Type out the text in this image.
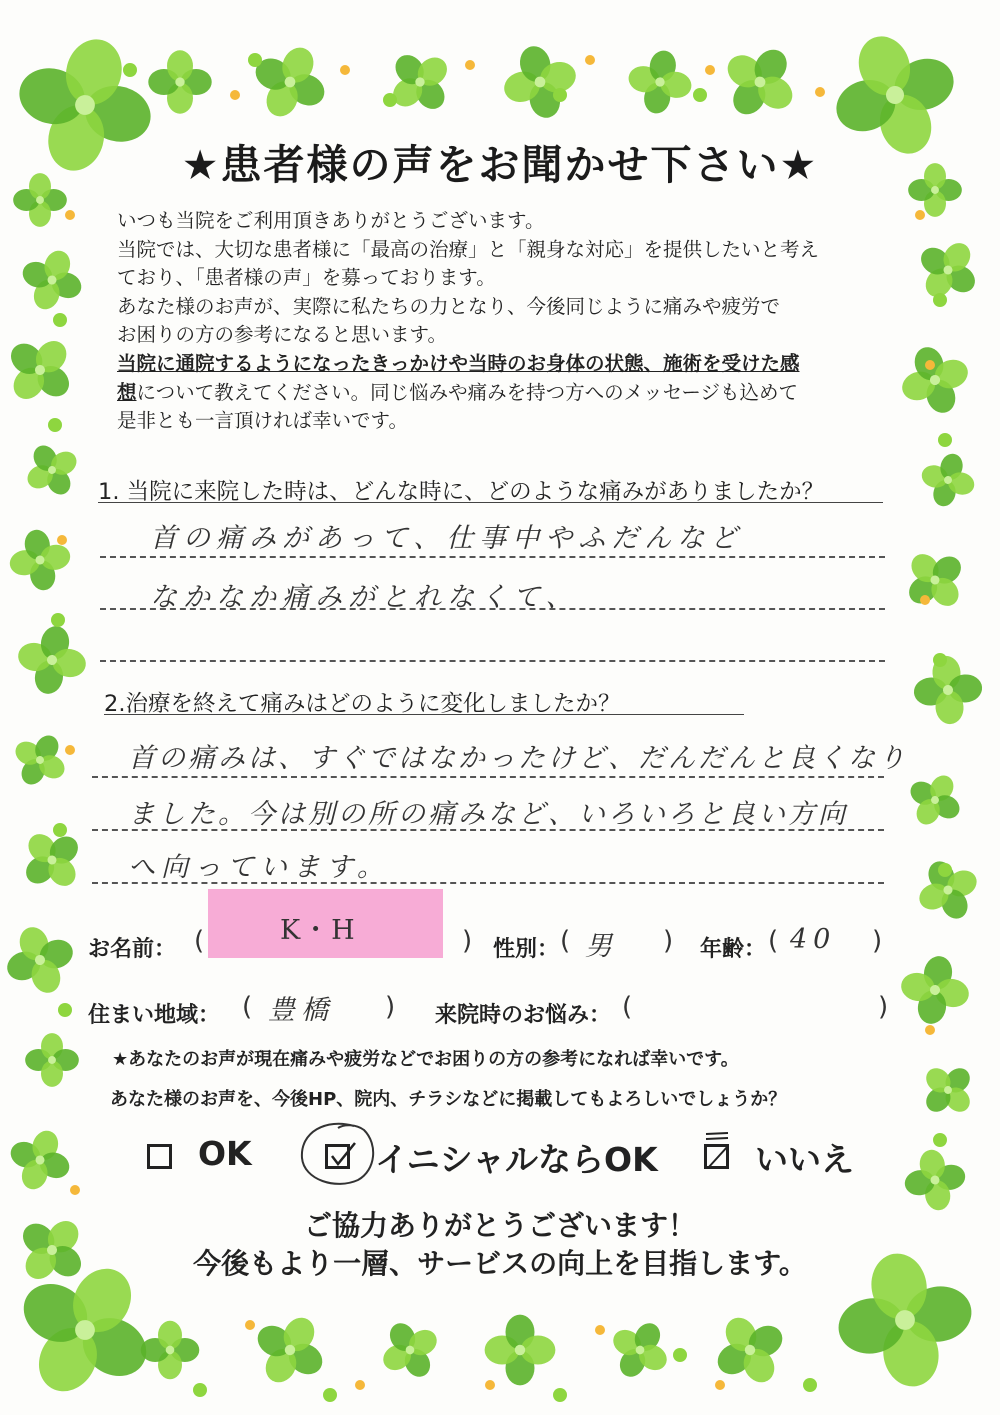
★患者様の声をお聞かせ下さい★
いつも当院をご利用頂きありがとうございます。
当院では、大切な患者様に「最高の治療」と「親身な対応」を提供したいと考え
ており、「患者様の声」を募っております。
あなた様のお声が、実際に私たちの力となり、今後同じように痛みや疲労で
お困りの方の参考になると思います。
当院に通院するようになったきっかけや当時のお身体の状態、施術を受けた感
想について教えてください。同じ悩みや痛みを持つ方へのメッセージも込めて
是非とも一言頂ければ幸いです。
1. 当院に来院した時は、どんな時に、どのような痛みがありましたか？
首の痛みがあって、仕事中やふだんなど
なかなか痛みがとれなくて、
2.治療を終えて痛みはどのように変化しましたか？
首の痛みは、すぐではなかったけど、だんだんと良くなり
ました。今は別の所の痛みなど、いろいろと良い方向
へ向っています。
お名前： (	K・H	) 性別： ( 男 ) 年齢： ( 40 )
住まい地域： ( 豊橋 ) 来院時のお悩み： (	)
★あなたのお声が現在痛みや疲労などでお困りの方の参考になれば幸いです。
あなた様のお声を、今後HP、院内、チラシなどに掲載してもよろしいでしょうか？
OK	イニシャルならOK	いいえ
ご協力ありがとうございます！
今後もより一層、サービスの向上を目指します。
